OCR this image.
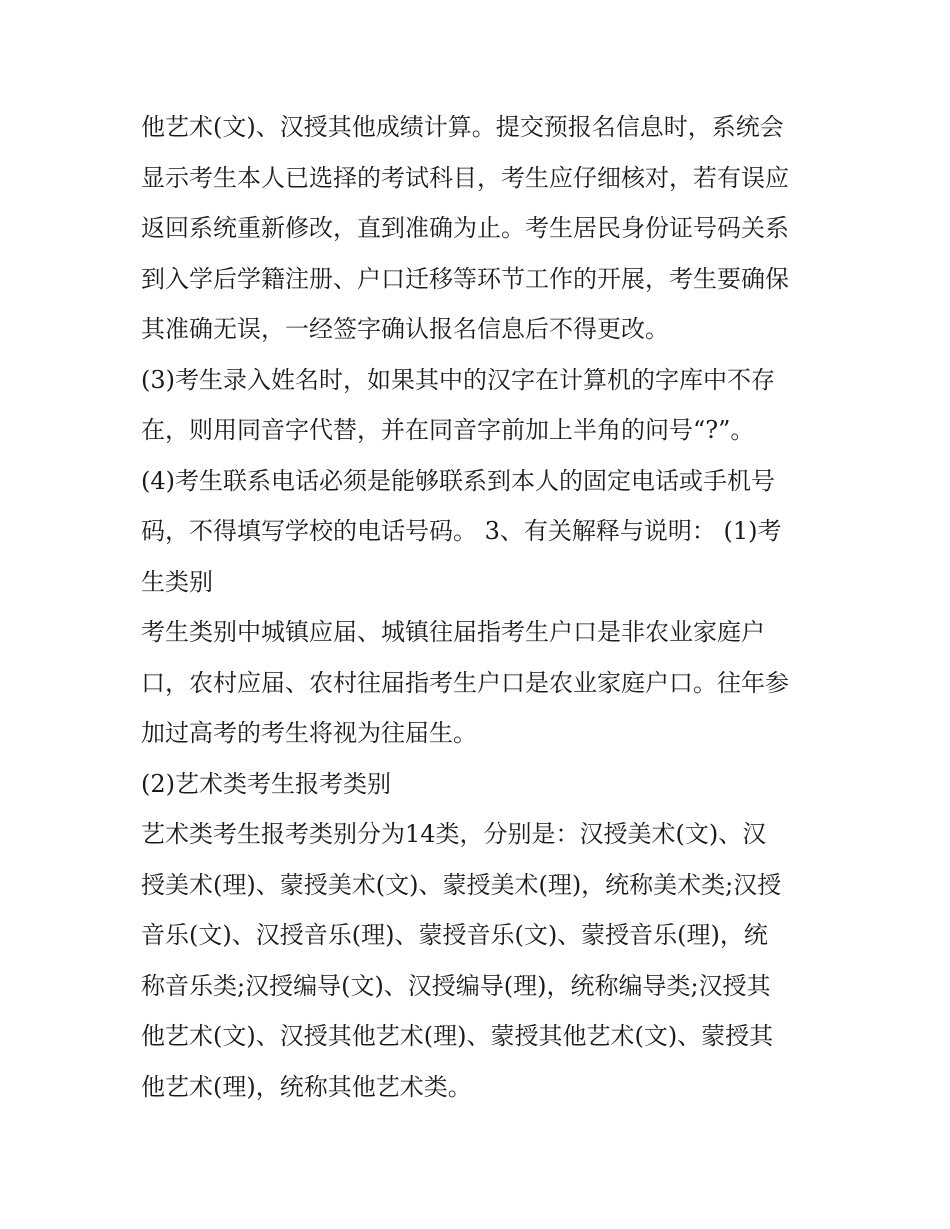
他艺术(文)、汉授其他成绩计算。提交预报名信息时，系统会
显示考生本人已选择的考试科目，考生应仔细核对，若有误应
返回系统重新修改，直到准确为止。考生居民身份证号码关系
到入学后学籍注册、户口迁移等环节工作的开展，考生要确保
其准确无误，一经签字确认报名信息后不得更改。
(3)考生录入姓名时，如果其中的汉字在计算机的字库中不存
在，则用同音字代替，并在同音字前加上半角的问号“?”。
(4)考生联系电话必须是能够联系到本人的固定电话或手机号
码，不得填写学校的电话号码。 3、有关解释与说明： (1)考
生类别
考生类别中城镇应届、城镇往届指考生户口是非农业家庭户
口，农村应届、农村往届指考生户口是农业家庭户口。往年参
加过高考的考生将视为往届生。
(2)艺术类考生报考类别
艺术类考生报考类别分为14类，分别是：汉授美术(文)、汉
授美术(理)、蒙授美术(文)、蒙授美术(理)，统称美术类;汉授
音乐(文)、汉授音乐(理)、蒙授音乐(文)、蒙授音乐(理)，统
称音乐类;汉授编导(文)、汉授编导(理)，统称编导类;汉授其
他艺术(文)、汉授其他艺术(理)、蒙授其他艺术(文)、蒙授其
他艺术(理)，统称其他艺术类。
